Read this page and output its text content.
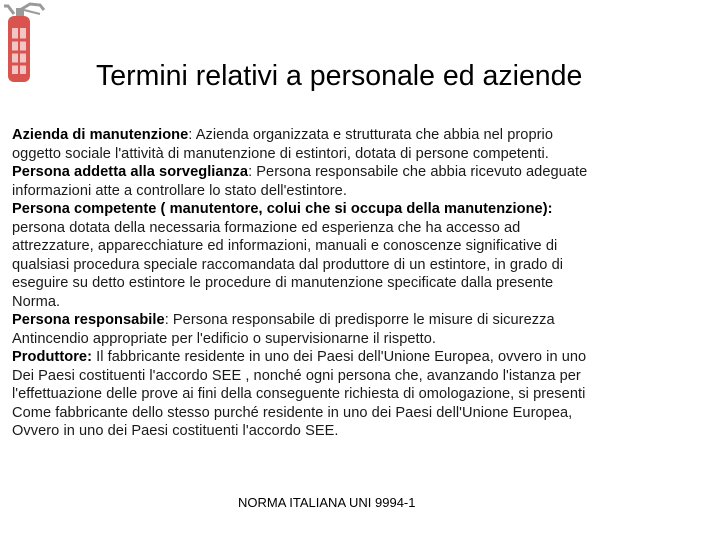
Termini relativi a personale ed aziende
Azienda di manutenzione: Azienda organizzata e strutturata che abbia nel proprio
oggetto sociale l'attività di manutenzione di estintori, dotata di persone competenti.
Persona addetta alla sorveglianza: Persona responsabile che abbia ricevuto adeguate
informazioni atte a controllare lo stato dell'estintore.
Persona competente ( manutentore, colui che si occupa della manutenzione):
persona dotata della necessaria formazione ed esperienza che ha accesso ad
attrezzature, apparecchiature ed informazioni, manuali e conoscenze significative di
qualsiasi procedura speciale raccomandata dal produttore di un estintore, in grado di
eseguire su detto estintore le procedure di manutenzione specificate dalla presente
Norma.
Persona responsabile: Persona responsabile di predisporre le misure di sicurezza
Antincendio appropriate per l'edificio o supervisionarne il rispetto.
Produttore: Il fabbricante residente in uno dei Paesi dell'Unione Europea, ovvero in uno
Dei Paesi costituenti l'accordo SEE , nonché ogni persona che, avanzando l'istanza per
l'effettuazione delle prove ai fini della conseguente richiesta di omologazione, si presenti
Come fabbricante dello stesso purché residente in uno dei Paesi dell'Unione Europea,
Ovvero in uno dei Paesi costituenti l'accordo SEE.
NORMA ITALIANA UNI 9994-1
